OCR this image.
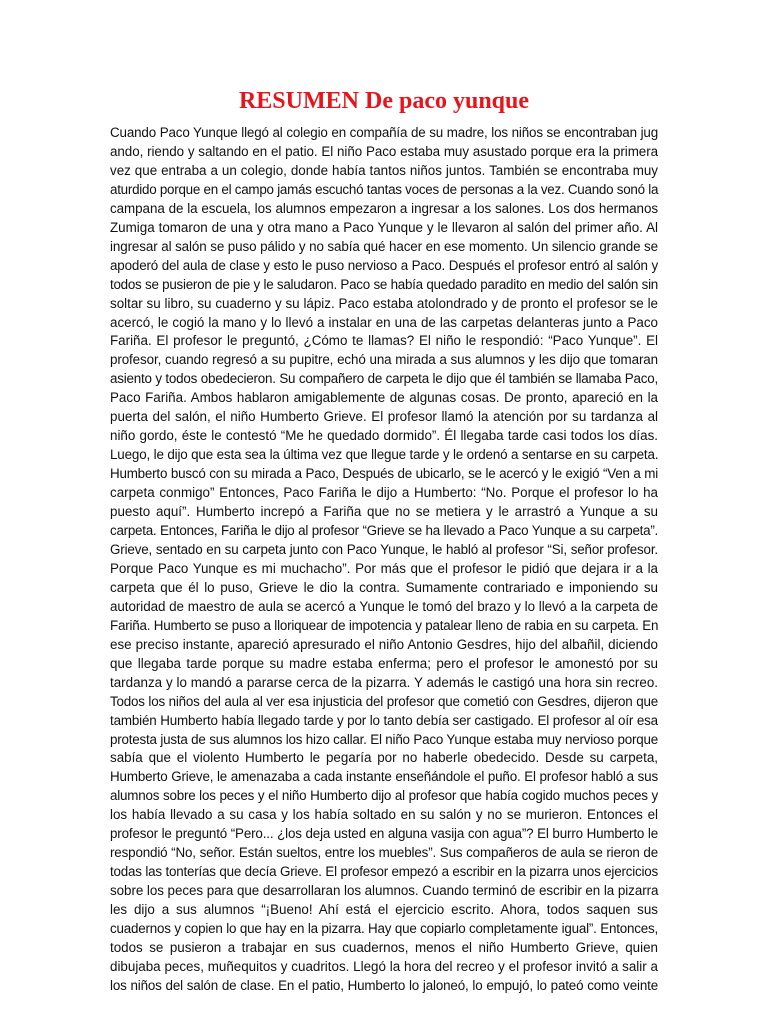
RESUMEN De paco yunque
Cuando Paco Yunque llegó al colegio en compañía de su madre, los niños se encontraban jug
ando, riendo y saltando en el patio. El niño Paco estaba muy asustado porque era la primera
vez que entraba a un colegio, donde había tantos niños juntos. También se encontraba muy
aturdido porque en el campo jamás escuchó tantas voces de personas a la vez. Cuando sonó la
campana de la escuela, los alumnos empezaron a ingresar a los salones. Los dos hermanos
Zumiga tomaron de una y otra mano a Paco Yunque y le llevaron al salón del primer año. Al
ingresar al salón se puso pálido y no sabía qué hacer en ese momento. Un silencio grande se
apoderó del aula de clase y esto le puso nervioso a Paco. Después el profesor entró al salón y
todos se pusieron de pie y le saludaron. Paco se había quedado paradito en medio del salón sin
soltar su libro, su cuaderno y su lápiz. Paco estaba atolondrado y de pronto el profesor se le
acercó, le cogió la mano y lo llevó a instalar en una de las carpetas delanteras junto a Paco
Fariña. El profesor le preguntó, ¿Cómo te llamas? El niño le respondió: “Paco Yunque”. El
profesor, cuando regresó a su pupitre, echó una mirada a sus alumnos y les dijo que tomaran
asiento y todos obedecieron. Su compañero de carpeta le dijo que él también se llamaba Paco,
Paco Fariña. Ambos hablaron amigablemente de algunas cosas. De pronto, apareció en la
puerta del salón, el niño Humberto Grieve. El profesor llamó la atención por su tardanza al
niño gordo, éste le contestó “Me he quedado dormido”. Él llegaba tarde casi todos los días.
Luego, le dijo que esta sea la última vez que llegue tarde y le ordenó a sentarse en su carpeta.
Humberto buscó con su mirada a Paco, Después de ubicarlo, se le acercó y le exigió “Ven a mi
carpeta conmigo” Entonces, Paco Fariña le dijo a Humberto: “No. Porque el profesor lo ha
puesto aquí”. Humberto increpó a Fariña que no se metiera y le arrastró a Yunque a su
carpeta. Entonces, Fariña le dijo al profesor “Grieve se ha llevado a Paco Yunque a su carpeta”.
Grieve, sentado en su carpeta junto con Paco Yunque, le habló al profesor “Si, señor profesor.
Porque Paco Yunque es mi muchacho”. Por más que el profesor le pidió que dejara ir a la
carpeta que él lo puso, Grieve le dio la contra. Sumamente contrariado e imponiendo su
autoridad de maestro de aula se acercó a Yunque le tomó del brazo y lo llevó a la carpeta de
Fariña. Humberto se puso a lloriquear de impotencia y patalear lleno de rabia en su carpeta. En
ese preciso instante, apareció apresurado el niño Antonio Gesdres, hijo del albañil, diciendo
que llegaba tarde porque su madre estaba enferma; pero el profesor le amonestó por su
tardanza y lo mandó a pararse cerca de la pizarra. Y además le castigó una hora sin recreo.
Todos los niños del aula al ver esa injusticia del profesor que cometió con Gesdres, dijeron que
también Humberto había llegado tarde y por lo tanto debía ser castigado. El profesor al oír esa
protesta justa de sus alumnos los hizo callar. El niño Paco Yunque estaba muy nervioso porque
sabía que el violento Humberto le pegaría por no haberle obedecido. Desde su carpeta,
Humberto Grieve, le amenazaba a cada instante enseñándole el puño. El profesor habló a sus
alumnos sobre los peces y el niño Humberto dijo al profesor que había cogido muchos peces y
los había llevado a su casa y los había soltado en su salón y no se murieron. Entonces el
profesor le preguntó “Pero... ¿los deja usted en alguna vasija con agua”? El burro Humberto le
respondió “No, señor. Están sueltos, entre los muebles”. Sus compañeros de aula se rieron de
todas las tonterías que decía Grieve. El profesor empezó a escribir en la pizarra unos ejercicios
sobre los peces para que desarrollaran los alumnos. Cuando terminó de escribir en la pizarra
les dijo a sus alumnos “¡Bueno! Ahí está el ejercicio escrito. Ahora, todos saquen sus
cuadernos y copien lo que hay en la pizarra. Hay que copiarlo completamente igual”. Entonces,
todos se pusieron a trabajar en sus cuadernos, menos el niño Humberto Grieve, quien
dibujaba peces, muñequitos y cuadritos. Llegó la hora del recreo y el profesor invitó a salir a
los niños del salón de clase. En el patio, Humberto lo jaloneó, lo empujó, lo pateó como veinte
